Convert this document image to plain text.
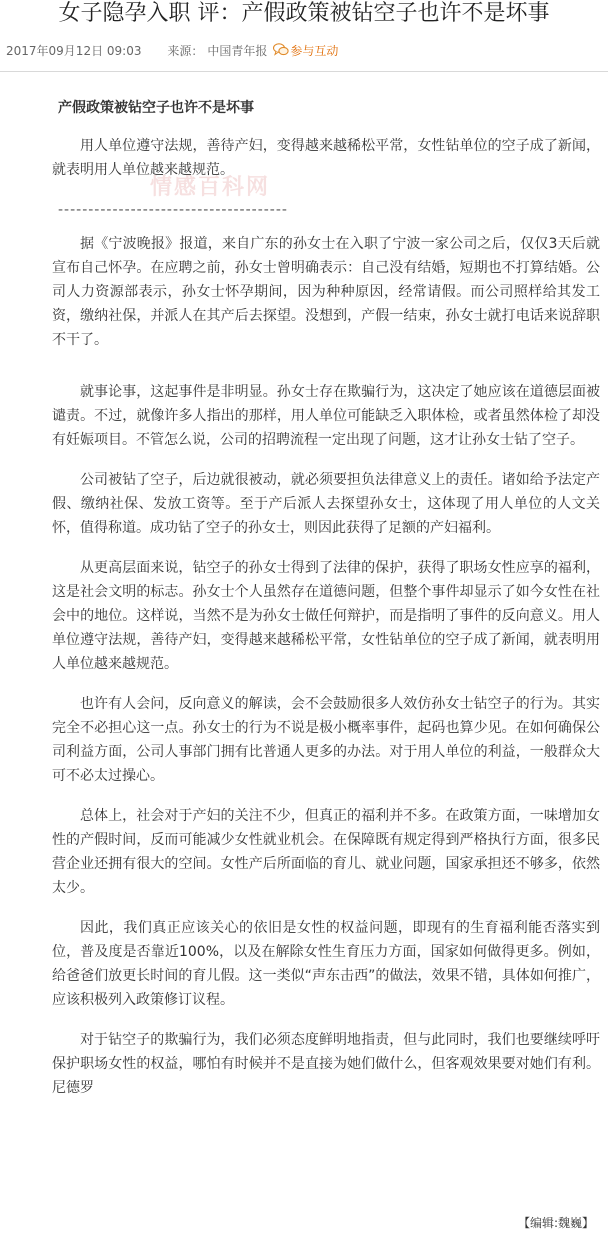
女子隐孕入职 评：产假政策被钻空子也许不是坏事
2017年09月12日 09:03 来源： 中国青年报 参与互动
情感百科网

产假政策被钻空子也许不是坏事

用人单位遵守法规，善待产妇，变得越来越稀松平常，女性钻单位的空子成了新闻，就表明用人单位越来越规范。

--------------------------------------

据《宁波晚报》报道，来自广东的孙女士在入职了宁波一家公司之后，仅仅3天后就宣布自己怀孕。在应聘之前，孙女士曾明确表示：自己没有结婚，短期也不打算结婚。公司人力资源部表示，孙女士怀孕期间，因为种种原因，经常请假。而公司照样给其发工资，缴纳社保，并派人在其产后去探望。没想到，产假一结束，孙女士就打电话来说辞职不干了。

就事论事，这起事件是非明显。孙女士存在欺骗行为，这决定了她应该在道德层面被谴责。不过，就像许多人指出的那样，用人单位可能缺乏入职体检，或者虽然体检了却没有妊娠项目。不管怎么说，公司的招聘流程一定出现了问题，这才让孙女士钻了空子。

公司被钻了空子，后边就很被动，就必须要担负法律意义上的责任。诸如给予法定产假、缴纳社保、发放工资等。至于产后派人去探望孙女士，这体现了用人单位的人文关怀，值得称道。成功钻了空子的孙女士，则因此获得了足额的产妇福利。

从更高层面来说，钻空子的孙女士得到了法律的保护，获得了职场女性应享的福利，这是社会文明的标志。孙女士个人虽然存在道德问题，但整个事件却显示了如今女性在社会中的地位。这样说，当然不是为孙女士做任何辩护，而是指明了事件的反向意义。用人单位遵守法规，善待产妇，变得越来越稀松平常，女性钻单位的空子成了新闻，就表明用人单位越来越规范。

也许有人会问，反向意义的解读，会不会鼓励很多人效仿孙女士钻空子的行为。其实完全不必担心这一点。孙女士的行为不说是极小概率事件，起码也算少见。在如何确保公司利益方面，公司人事部门拥有比普通人更多的办法。对于用人单位的利益，一般群众大可不必太过操心。

总体上，社会对于产妇的关注不少，但真正的福利并不多。在政策方面，一味增加女性的产假时间，反而可能减少女性就业机会。在保障既有规定得到严格执行方面，很多民营企业还拥有很大的空间。女性产后所面临的育儿、就业问题，国家承担还不够多，依然太少。

因此，我们真正应该关心的依旧是女性的权益问题，即现有的生育福利能否落实到位，普及度是否靠近100%，以及在解除女性生育压力方面，国家如何做得更多。例如，给爸爸们放更长时间的育儿假。这一类似“声东击西”的做法，效果不错，具体如何推广，应该积极列入政策修订议程。

对于钻空子的欺骗行为，我们必须态度鲜明地指责，但与此同时，我们也要继续呼吁保护职场女性的权益，哪怕有时候并不是直接为她们做什么，但客观效果要对她们有利。尼德罗

【编辑:魏巍】
